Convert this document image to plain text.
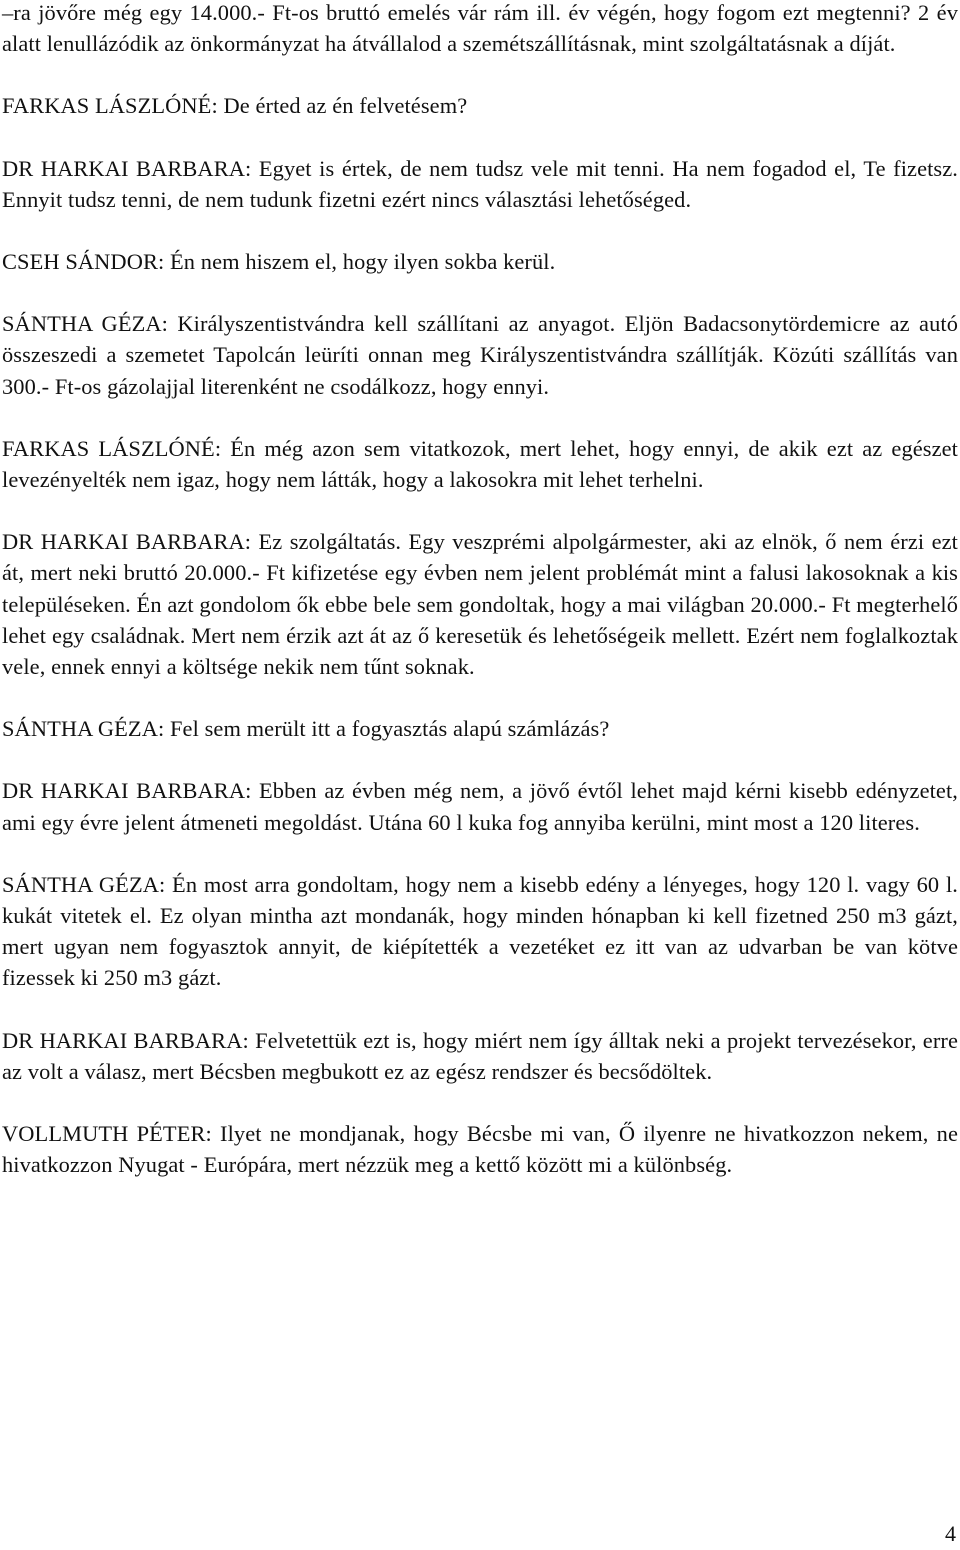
–ra jövőre még egy 14.000.- Ft-os bruttó emelés vár rám ill. év végén, hogy fogom ezt megtenni? 2 év alatt lenullázódik az önkormányzat ha átvállalod a szemétszállításnak, mint szolgáltatásnak a díját.

FARKAS LÁSZLÓNÉ: De érted az én felvetésem?

DR HARKAI BARBARA: Egyet is értek, de nem tudsz vele mit tenni. Ha nem fogadod el, Te fizetsz. Ennyit tudsz tenni, de nem tudunk fizetni ezért nincs választási lehetőséged.

CSEH SÁNDOR: Én nem hiszem el, hogy ilyen sokba kerül.

SÁNTHA GÉZA: Királyszentistvándra kell szállítani az anyagot. Eljön Badacsonytördemicre az autó összeszedi a szemetet Tapolcán leüríti onnan meg Királyszentistvándra szállítják. Közúti szállítás van 300.- Ft-os gázolajjal literenként ne csodálkozz, hogy ennyi.

FARKAS LÁSZLÓNÉ: Én még azon sem vitatkozok, mert lehet, hogy ennyi, de akik ezt az egészet levezényelték nem igaz, hogy nem látták, hogy a lakosokra mit lehet terhelni.

DR HARKAI BARBARA: Ez szolgáltatás. Egy veszprémi alpolgármester, aki az elnök, ő nem érzi ezt át, mert neki bruttó 20.000.- Ft kifizetése egy évben nem jelent problémát mint a falusi lakosoknak a kis településeken. Én azt gondolom ők ebbe bele sem gondoltak, hogy a mai világban 20.000.- Ft megterhelő lehet egy családnak. Mert nem érzik azt át az ő keresetük és lehetőségeik mellett. Ezért nem foglalkoztak vele, ennek ennyi a költsége nekik nem tűnt soknak.

SÁNTHA GÉZA: Fel sem merült itt a fogyasztás alapú számlázás?

DR HARKAI BARBARA: Ebben az évben még nem, a jövő évtől lehet majd kérni kisebb edényzetet, ami egy évre jelent átmeneti megoldást. Utána 60 l kuka fog annyiba kerülni, mint most a 120 literes.

SÁNTHA GÉZA: Én most arra gondoltam, hogy nem a kisebb edény a lényeges, hogy 120 l. vagy 60 l. kukát vitetek el. Ez olyan mintha azt mondanák, hogy minden hónapban ki kell fizetned 250 m3 gázt, mert ugyan nem fogyasztok annyit, de kiépítették a vezetéket ez itt van az udvarban be van kötve fizessek ki 250 m3 gázt.

DR HARKAI BARBARA: Felvetettük ezt is, hogy miért nem így álltak neki a projekt tervezésekor, erre az volt a válasz, mert Bécsben megbukott ez az egész rendszer és becsődöltek.

VOLLMUTH PÉTER: Ilyet ne mondjanak, hogy Bécsbe mi van, Ő ilyenre ne hivatkozzon nekem, ne hivatkozzon Nyugat - Európára, mert nézzük meg a kettő között mi a különbség.

4
